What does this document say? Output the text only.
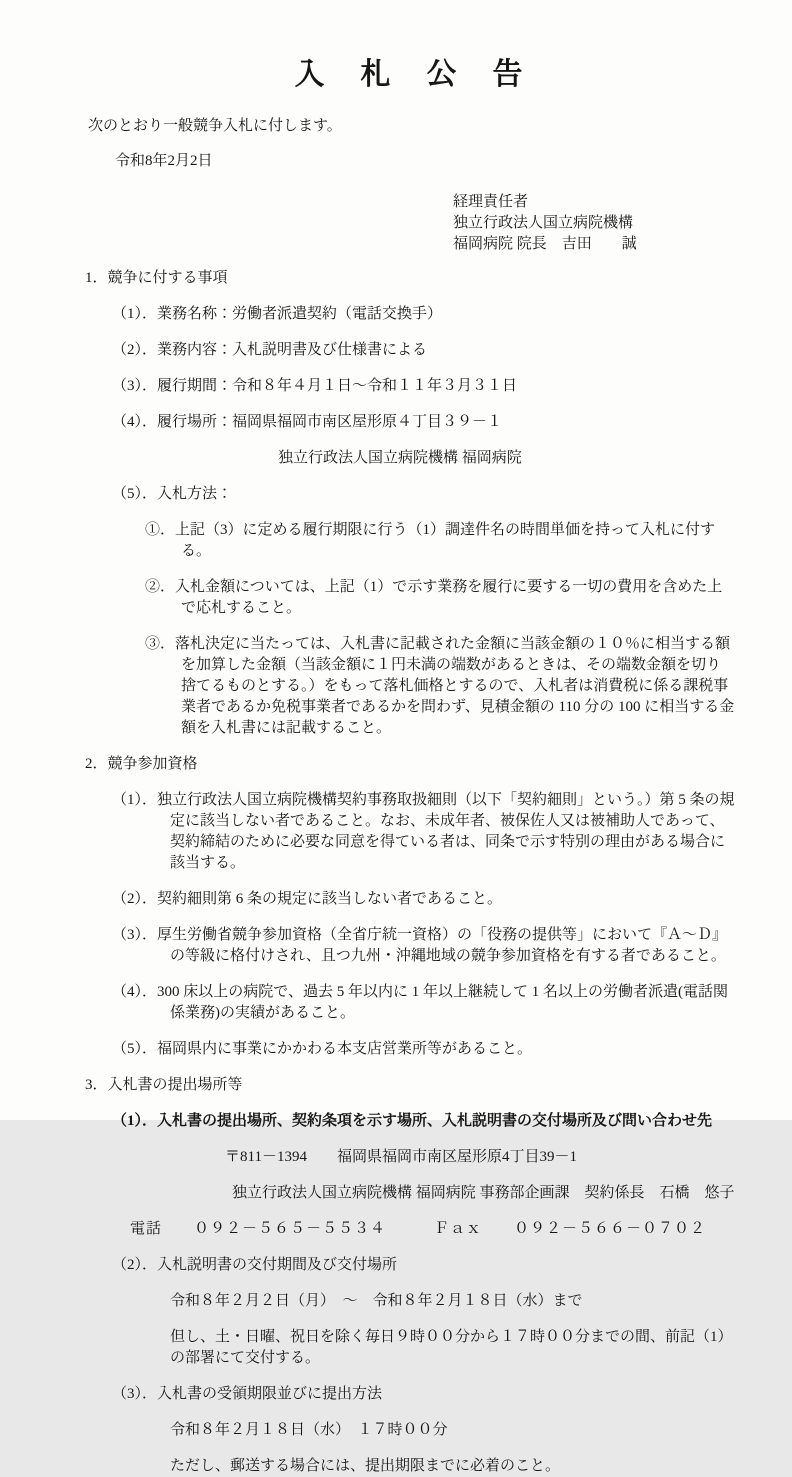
入　札　公　告

次のとおり一般競争入札に付します。

令和8年2月2日

経理責任者

独立行政法人国立病院機構

福岡病院 院長　吉田　　誠

1．競争に付する事項

（1）．業務名称：労働者派遣契約（電話交換手）

（2）．業務内容：入札説明書及び仕様書による

（3）．履行期間：令和８年４月１日～令和１１年３月３１日

（4）．履行場所：福岡県福岡市南区屋形原４丁目３９－１

独立行政法人国立病院機構 福岡病院

（5）．入札方法：

①．上記（3）に定める履行期限に行う（1）調達件名の時間単価を持って入札に付する。

②．入札金額については、上記（1）で示す業務を履行に要する一切の費用を含めた上で応札すること。

③．落札決定に当たっては、入札書に記載された金額に当該金額の１０％に相当する額を加算した金額（当該金額に１円未満の端数があるときは、その端数金額を切り捨てるものとする。）をもって落札価格とするので、入札者は消費税に係る課税事業者であるか免税事業者であるかを問わず、見積金額の 110 分の 100 に相当する金額を入札書には記載すること。

2．競争参加資格

（1）．独立行政法人国立病院機構契約事務取扱細則（以下「契約細則」という。）第 5 条の規定に該当しない者であること。なお、未成年者、被保佐人又は被補助人であって、契約締結のために必要な同意を得ている者は、同条で示す特別の理由がある場合に該当する。

（2）．契約細則第 6 条の規定に該当しない者であること。

（3）．厚生労働省競争参加資格（全省庁統一資格）の「役務の提供等」において『Ａ～Ｄ』の等級に格付けされ、且つ九州・沖縄地域の競争参加資格を有する者であること。

（4）．300 床以上の病院で、過去 5 年以内に 1 年以上継続して 1 名以上の労働者派遣(電話関係業務)の実績があること。

（5）．福岡県内に事業にかかわる本支店営業所等があること。

3．入札書の提出場所等

（1）．入札書の提出場所、契約条項を示す場所、入札説明書の交付場所及び問い合わせ先

〒811－1394　　福岡県福岡市南区屋形原4丁目39－1

独立行政法人国立病院機構 福岡病院 事務部企画課　契約係長　石橋　悠子

電話　　０９２－５６５－５５３４　　　Ｆａｘ　　０９２－５６６－０７０２

（2）．入札説明書の交付期間及び交付場所

令和８年２月２日（月）　～　令和８年２月１８日（水）まで

但し、土・日曜、祝日を除く毎日９時００分から１７時００分までの間、前記（1）の部署にて交付する。

（3）．入札書の受領期限並びに提出方法

令和８年２月１８日（水）　１７時００分

ただし、郵送する場合には、提出期限までに必着のこと。
